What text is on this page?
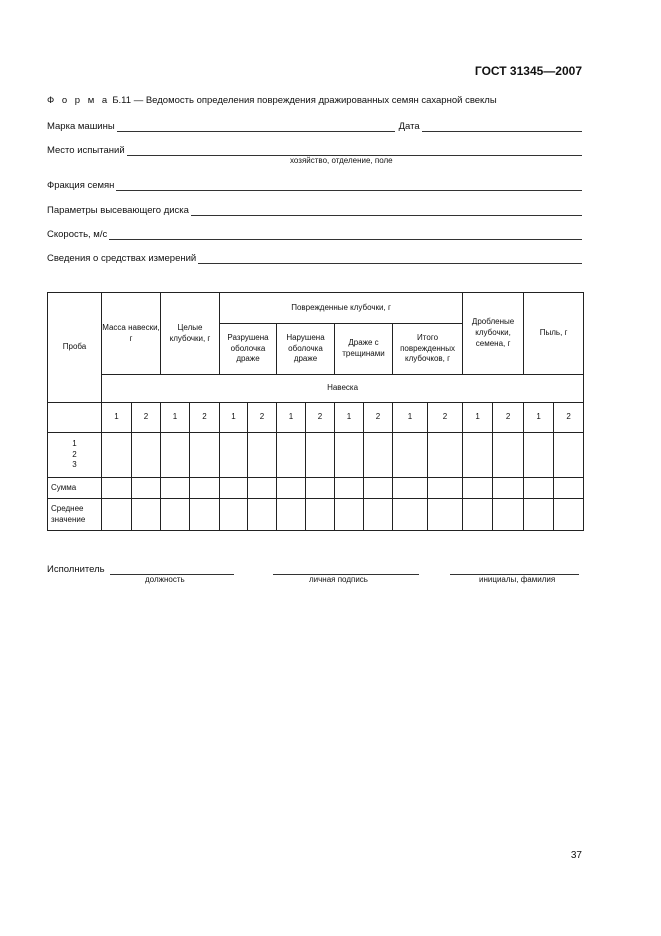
ГОСТ 31345—2007
Ф о р м а Б.11 — Ведомость определения повреждения дражированных семян сахарной свеклы
Марка машины	Дата
Место испытаний
хозяйство, отделение, поле
Фракция семян
Параметры высевающего диска
Скорость, м/с
Сведения о средствах измерений
Проба	Масса навески, г		Целые клубочки, г		Поврежденные клубочки, г								Дробленые клубочки, семена, г		Пыль, г	
					Разрушена оболочка драже		Нарушена оболочка драже		Драже с трещинами		Итого поврежденных клубочков, г					
	Навеска															
	1	2	1	2	1	2	1	2	1	2	1	2	1	2	1	2

1
2
3																

Сумма																
Среднее значение																
Исполнитель
должность	личная подпись	инициалы, фамилия
37
